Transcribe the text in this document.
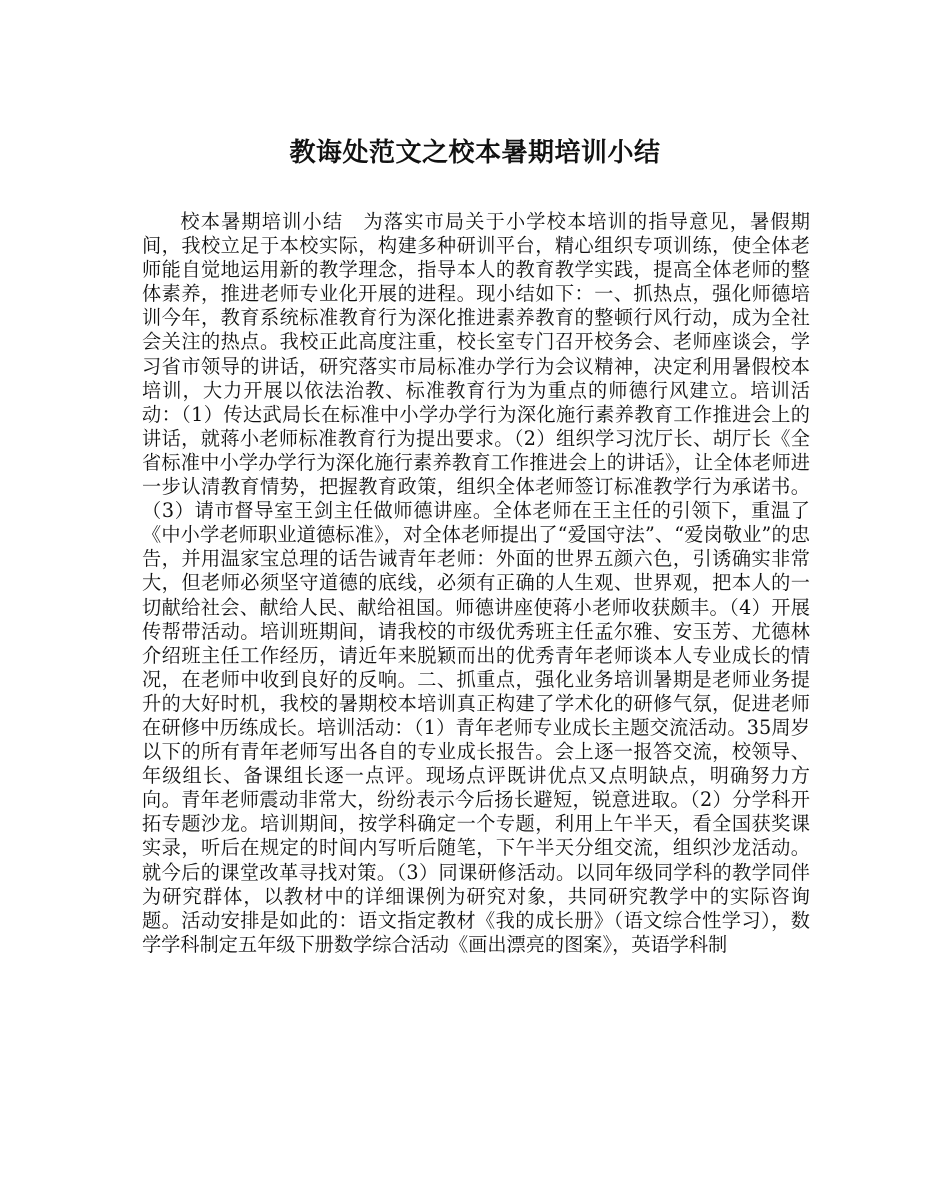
教诲处范文之校本暑期培训小结
校本暑期培训小结　为落实市局关于小学校本培训的指导意见，暑假期间，我校立足于本校实际，构建多种研训平台，精心组织专项训练，使全体老师能自觉地运用新的教学理念，指导本人的教育教学实践，提高全体老师的整体素养，推进老师专业化开展的进程。现小结如下：一、抓热点，强化师德培训今年，教育系统标准教育行为深化推进素养教育的整顿行风行动，成为全社会关注的热点。我校正此高度注重，校长室专门召开校务会、老师座谈会，学习省市领导的讲话，研究落实市局标准办学行为会议精神，决定利用暑假校本培训，大力开展以依法治教、标准教育行为为重点的师德行风建立。培训活动：（1）传达武局长在标准中小学办学行为深化施行素养教育工作推进会上的讲话，就蒋小老师标准教育行为提出要求。（2）组织学习沈厅长、胡厅长《全省标准中小学办学行为深化施行素养教育工作推进会上的讲话》，让全体老师进一步认清教育情势，把握教育政策，组织全体老师签订标准教学行为承诺书。（3）请市督导室王剑主任做师德讲座。全体老师在王主任的引领下，重温了《中小学老师职业道德标准》，对全体老师提出了“爱国守法”、“爱岗敬业”的忠告，并用温家宝总理的话告诫青年老师：外面的世界五颜六色，引诱确实非常大，但老师必须坚守道德的底线，必须有正确的人生观、世界观，把本人的一切献给社会、献给人民、献给祖国。师德讲座使蒋小老师收获颇丰。（4）开展传帮带活动。培训班期间，请我校的市级优秀班主任孟尔雅、安玉芳、尤德林介绍班主任工作经历，请近年来脱颖而出的优秀青年老师谈本人专业成长的情况，在老师中收到良好的反响。二、抓重点，强化业务培训暑期是老师业务提升的大好时机，我校的暑期校本培训真正构建了学术化的研修气氛，促进老师在研修中历练成长。培训活动：（1）青年老师专业成长主题交流活动。35周岁以下的所有青年老师写出各自的专业成长报告。会上逐一报答交流，校领导、年级组长、备课组长逐一点评。现场点评既讲优点又点明缺点，明确努力方向。青年老师震动非常大，纷纷表示今后扬长避短，锐意进取。（2）分学科开拓专题沙龙。培训期间，按学科确定一个专题，利用上午半天，看全国获奖课实录，听后在规定的时间内写听后随笔，下午半天分组交流，组织沙龙活动。就今后的课堂改革寻找对策。（3）同课研修活动。以同年级同学科的教学同伴为研究群体，以教材中的详细课例为研究对象，共同研究教学中的实际咨询题。活动安排是如此的：语文指定教材《我的成长册》（语文综合性学习），数学学科制定五年级下册数学综合活动《画出漂亮的图案》，英语学科制
